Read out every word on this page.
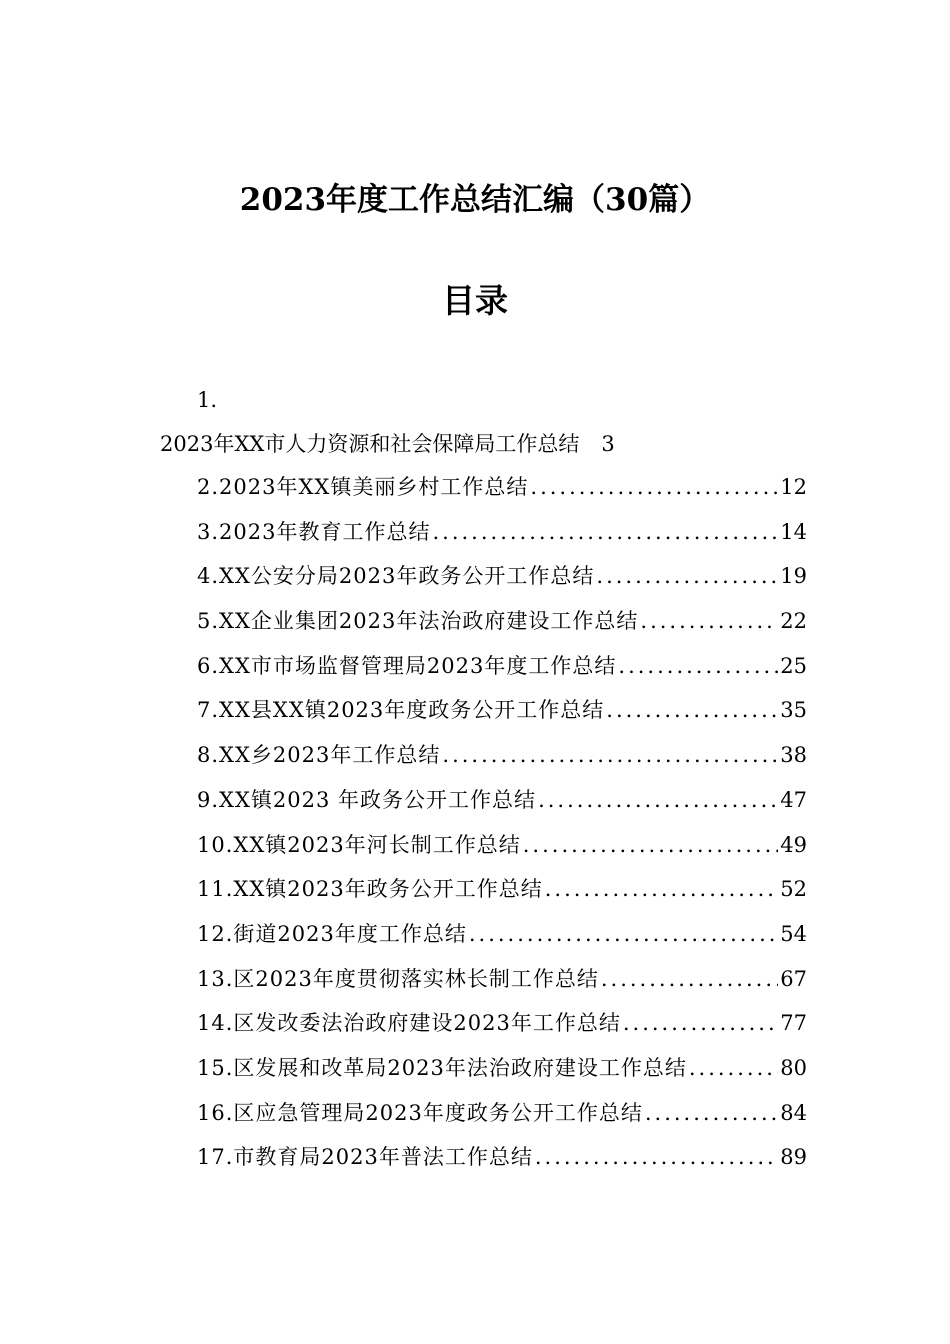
2023年度工作总结汇编（30篇）
目录
1.
2023年XX市人力资源和社会保障局工作总结 3
2.2023年XX镇美丽乡村工作总结 .....	12
3.2023年教育工作总结 .....	14
4.XX公安分局2023年政务公开工作总结 .....	19
5.XX企业集团2023年法治政府建设工作总结 .....	22
6.XX市市场监督管理局2023年度工作总结 .....	25
7.XX县XX镇2023年度政务公开工作总结 .....	35
8.XX乡2023年工作总结 .....	38
9.XX镇2023 年政务公开工作总结 .....	47
10.XX镇2023年河长制工作总结 .....	49
11.XX镇2023年政务公开工作总结 .....	52
12.街道2023年度工作总结 .....	54
13.区2023年度贯彻落实林长制工作总结 .....	67
14.区发改委法治政府建设2023年工作总结 .....	77
15.区发展和改革局2023年法治政府建设工作总结 .....	80
16.区应急管理局2023年度政务公开工作总结 .....	84
17.市教育局2023年普法工作总结 .....	89
